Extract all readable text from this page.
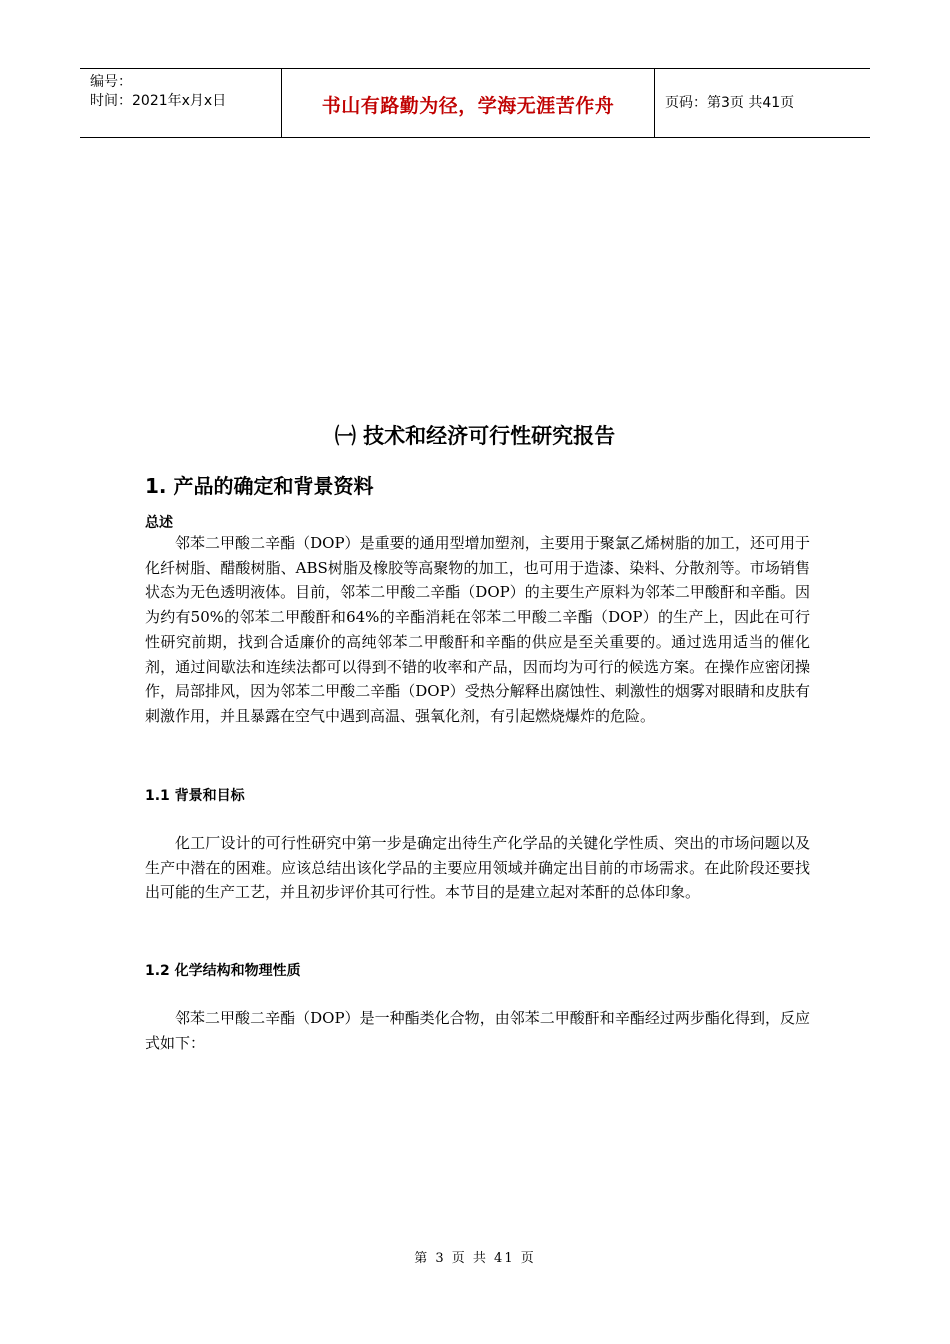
编号：
时间：2021年x月x日	书山有路勤为径，学海无涯苦作舟	页码：第3页 共41页
㈠ 技术和经济可行性研究报告
1. 产品的确定和背景资料
总述
邻苯二甲酸二辛酯（DOP）是重要的通用型增加塑剂，主要用于聚氯乙烯树脂的加工，还可用于化纤树脂、醋酸树脂、ABS树脂及橡胶等高聚物的加工，也可用于造漆、染料、分散剂等。市场销售状态为无色透明液体。目前，邻苯二甲酸二辛酯（DOP）的主要生产原料为邻苯二甲酸酐和辛酯。因为约有50%的邻苯二甲酸酐和64%的辛酯消耗在邻苯二甲酸二辛酯（DOP）的生产上，因此在可行性研究前期，找到合适廉价的高纯邻苯二甲酸酐和辛酯的供应是至关重要的。通过选用适当的催化剂，通过间歇法和连续法都可以得到不错的收率和产品，因而均为可行的候选方案。在操作应密闭操作，局部排风，因为邻苯二甲酸二辛酯（DOP）受热分解释出腐蚀性、刺激性的烟雾对眼睛和皮肤有刺激作用，并且暴露在空气中遇到高温、强氧化剂，有引起燃烧爆炸的危险。
1.1 背景和目标
化工厂设计的可行性研究中第一步是确定出待生产化学品的关键化学性质、突出的市场问题以及生产中潜在的困难。应该总结出该化学品的主要应用领域并确定出目前的市场需求。在此阶段还要找出可能的生产工艺，并且初步评价其可行性。本节目的是建立起对苯酐的总体印象。
1.2 化学结构和物理性质
邻苯二甲酸二辛酯（DOP）是一种酯类化合物，由邻苯二甲酸酐和辛酯经过两步酯化得到，反应式如下：
第 3 页 共 41 页
